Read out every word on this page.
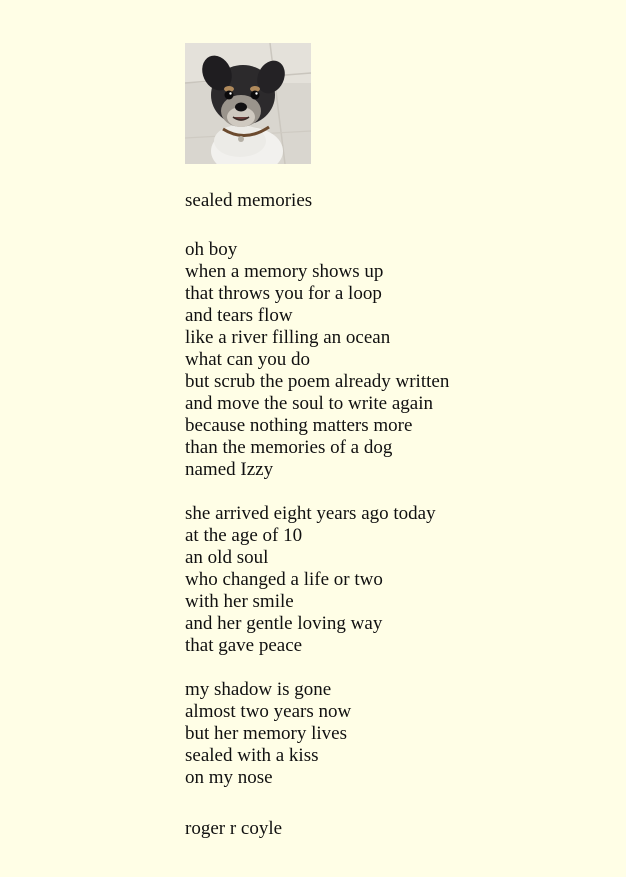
sealed memories
oh boy
when a memory shows up
that throws you for a loop
and tears flow
like a river filling an ocean
what can you do
but scrub the poem already written
and move the soul to write again
because nothing matters more
than the memories of a dog
named Izzy
she arrived eight years ago today
at the age of 10
an old soul
who changed a life or two
with her smile
and her gentle loving way
that gave peace
my shadow is gone
almost two years now
but her memory lives
sealed with a kiss
on my nose
roger r coyle
